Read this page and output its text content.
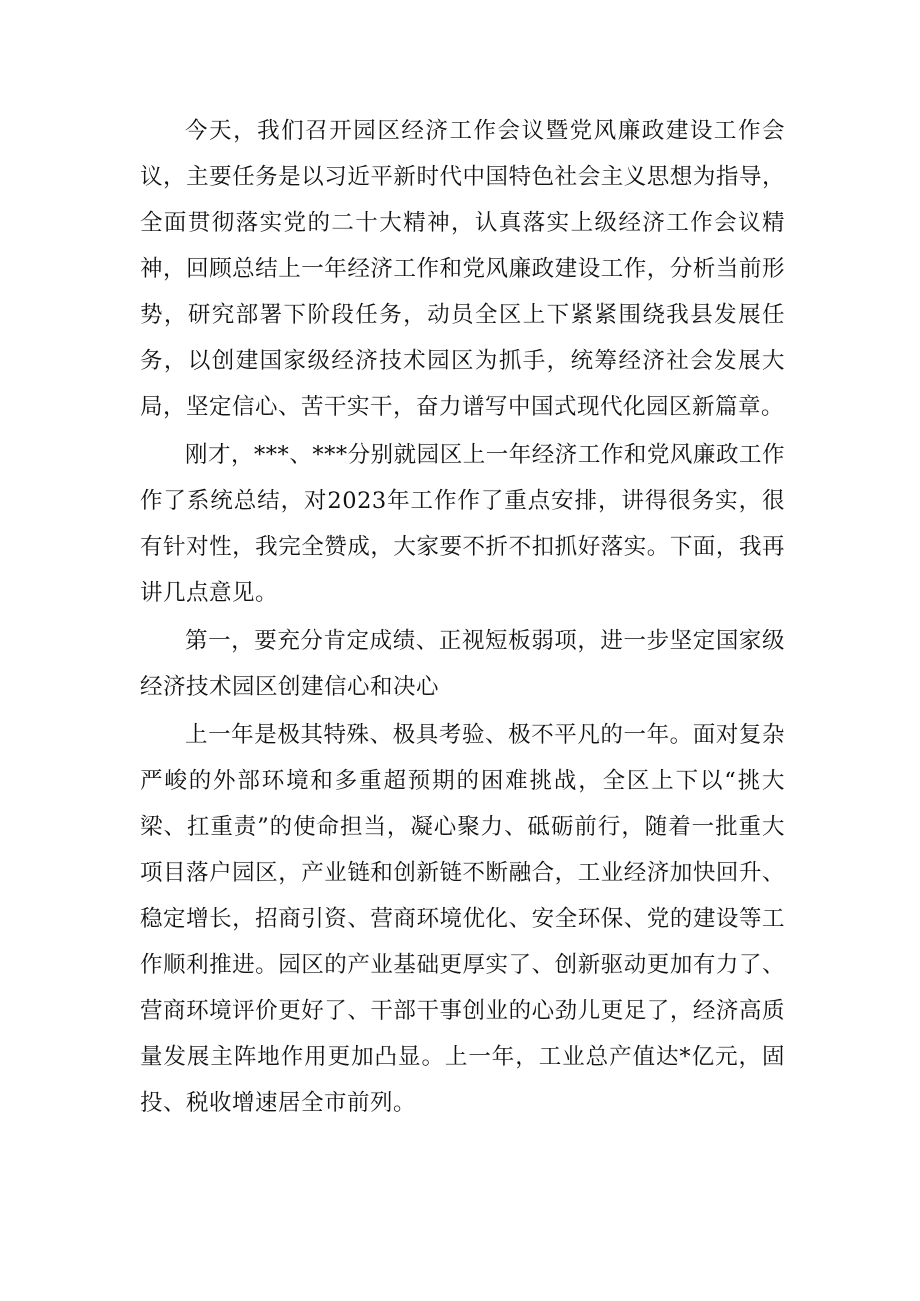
今天，我们召开园区经济工作会议暨党风廉政建设工作会议，主要任务是以习近平新时代中国特色社会主义思想为指导，全面贯彻落实党的二十大精神，认真落实上级经济工作会议精神，回顾总结上一年经济工作和党风廉政建设工作，分析当前形势，研究部署下阶段任务，动员全区上下紧紧围绕我县发展任务，以创建国家级经济技术园区为抓手，统筹经济社会发展大局，坚定信心、苦干实干，奋力谱写中国式现代化园区新篇章。

刚才，***、***分别就园区上一年经济工作和党风廉政工作作了系统总结，对2023年工作作了重点安排，讲得很务实，很有针对性，我完全赞成，大家要不折不扣抓好落实。下面，我再讲几点意见。

第一，要充分肯定成绩、正视短板弱项，进一步坚定国家级经济技术园区创建信心和决心

上一年是极其特殊、极具考验、极不平凡的一年。面对复杂严峻的外部环境和多重超预期的困难挑战，全区上下以“挑大梁、扛重责”的使命担当，凝心聚力、砥砺前行，随着一批重大项目落户园区，产业链和创新链不断融合，工业经济加快回升、稳定增长，招商引资、营商环境优化、安全环保、党的建设等工作顺利推进。园区的产业基础更厚实了、创新驱动更加有力了、营商环境评价更好了、干部干事创业的心劲儿更足了，经济高质量发展主阵地作用更加凸显。上一年，工业总产值达*亿元，固投、税收增速居全市前列。
